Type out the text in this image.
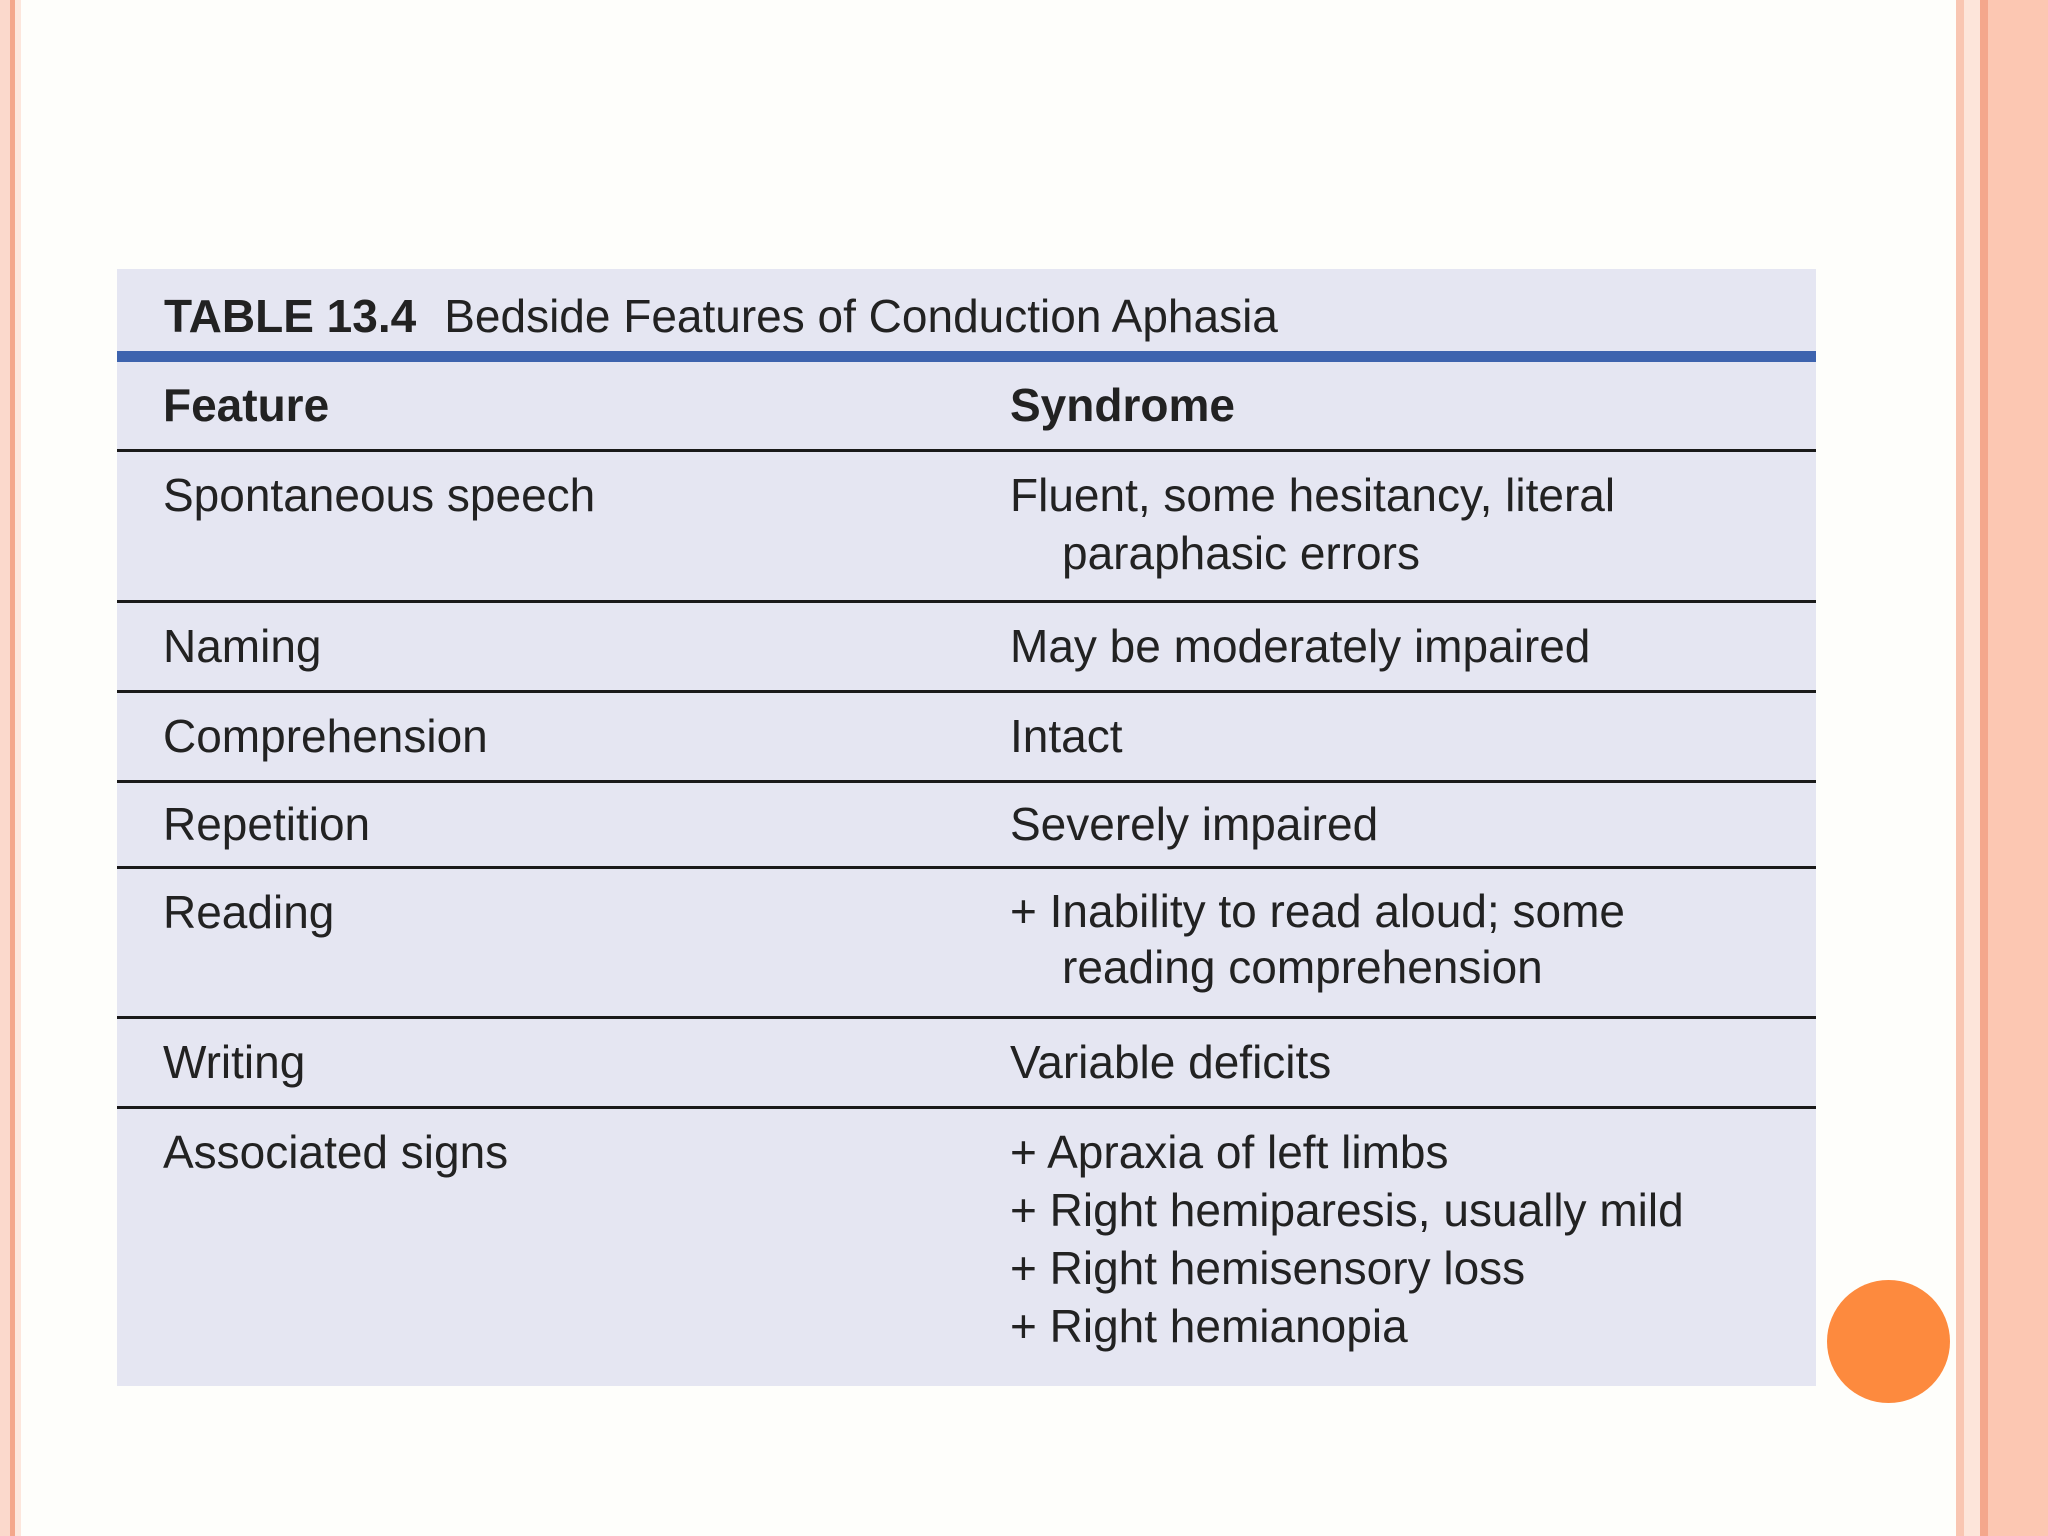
TABLE 13.4 Bedside Features of Conduction Aphasia
Feature	Syndrome
Spontaneous speech	Fluent, some hesitancy, literal
paraphasic errors
Naming	May be moderately impaired
Comprehension	Intact
Repetition	Severely impaired
Reading	+ Inability to read aloud; some
reading comprehension
Writing	Variable deficits
Associated signs	+ Apraxia of left limbs
+ Right hemiparesis, usually mild
+ Right hemisensory loss
+ Right hemianopia
